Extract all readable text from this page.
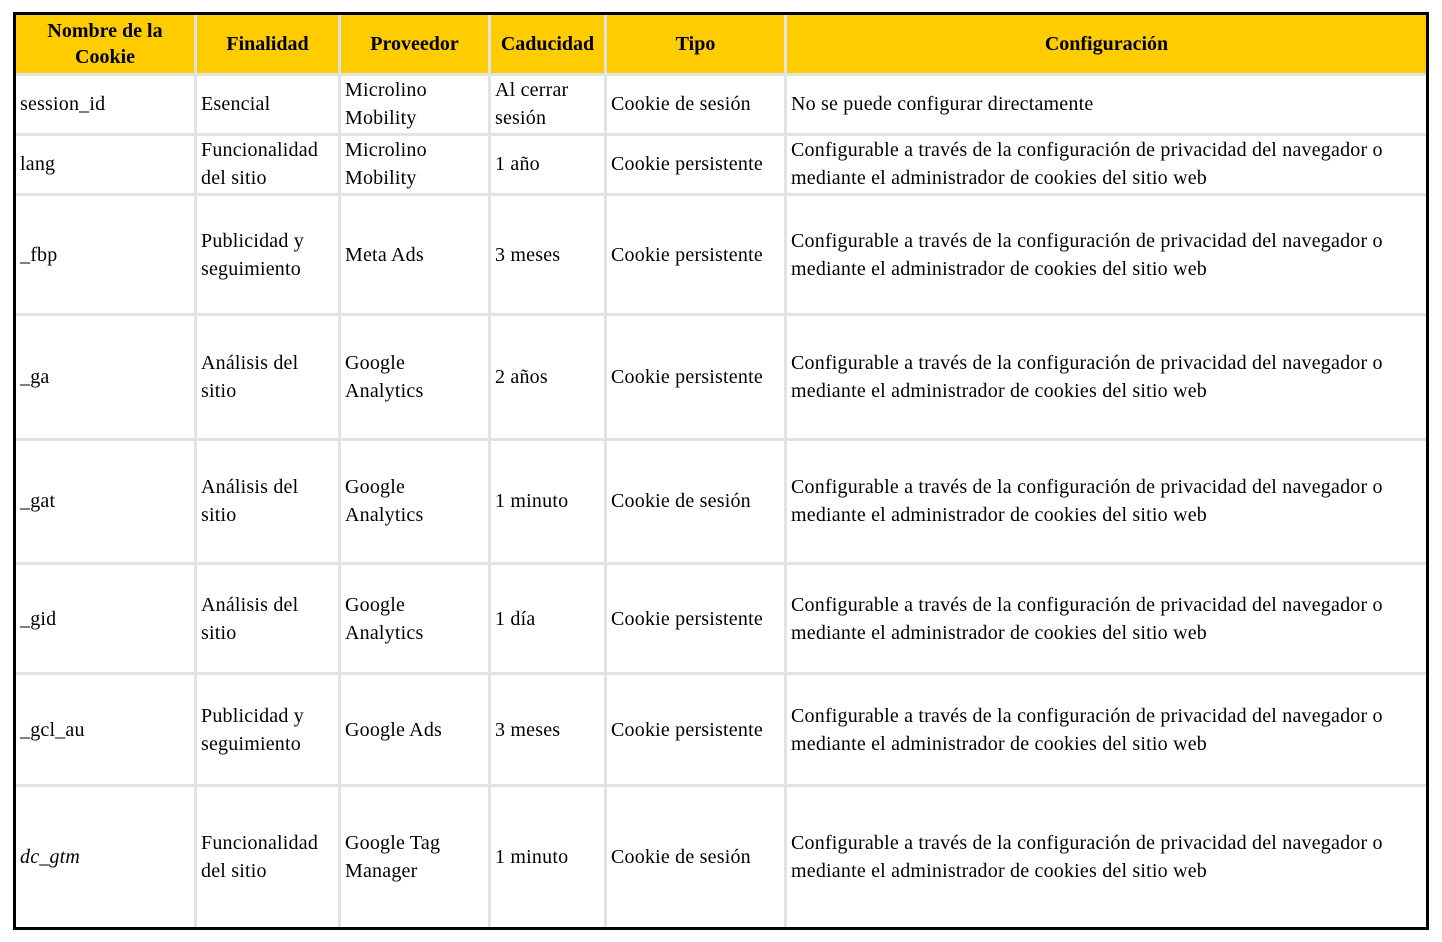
Nombre de la Cookie	Finalidad	Proveedor	Caducidad	Tipo	Configuración
session_id	Esencial	Microlino Mobility	Al cerrar sesión	Cookie de sesión	No se puede configurar directamente
lang	Funcionalidad del sitio	Microlino Mobility	1 año	Cookie persistente	Configurable a través de la configuración de privacidad del navegador o mediante el administrador de cookies del sitio web
_fbp	Publicidad y seguimiento	Meta Ads	3 meses	Cookie persistente	Configurable a través de la configuración de privacidad del navegador o mediante el administrador de cookies del sitio web
_ga	Análisis del sitio	Google Analytics	2 años	Cookie persistente	Configurable a través de la configuración de privacidad del navegador o mediante el administrador de cookies del sitio web
_gat	Análisis del sitio	Google Analytics	1 minuto	Cookie de sesión	Configurable a través de la configuración de privacidad del navegador o mediante el administrador de cookies del sitio web
_gid	Análisis del sitio	Google Analytics	1 día	Cookie persistente	Configurable a través de la configuración de privacidad del navegador o mediante el administrador de cookies del sitio web
_gcl_au	Publicidad y seguimiento	Google Ads	3 meses	Cookie persistente	Configurable a través de la configuración de privacidad del navegador o mediante el administrador de cookies del sitio web
dc_gtm	Funcionalidad del sitio	Google Tag Manager	1 minuto	Cookie de sesión	Configurable a través de la configuración de privacidad del navegador o mediante el administrador de cookies del sitio web
